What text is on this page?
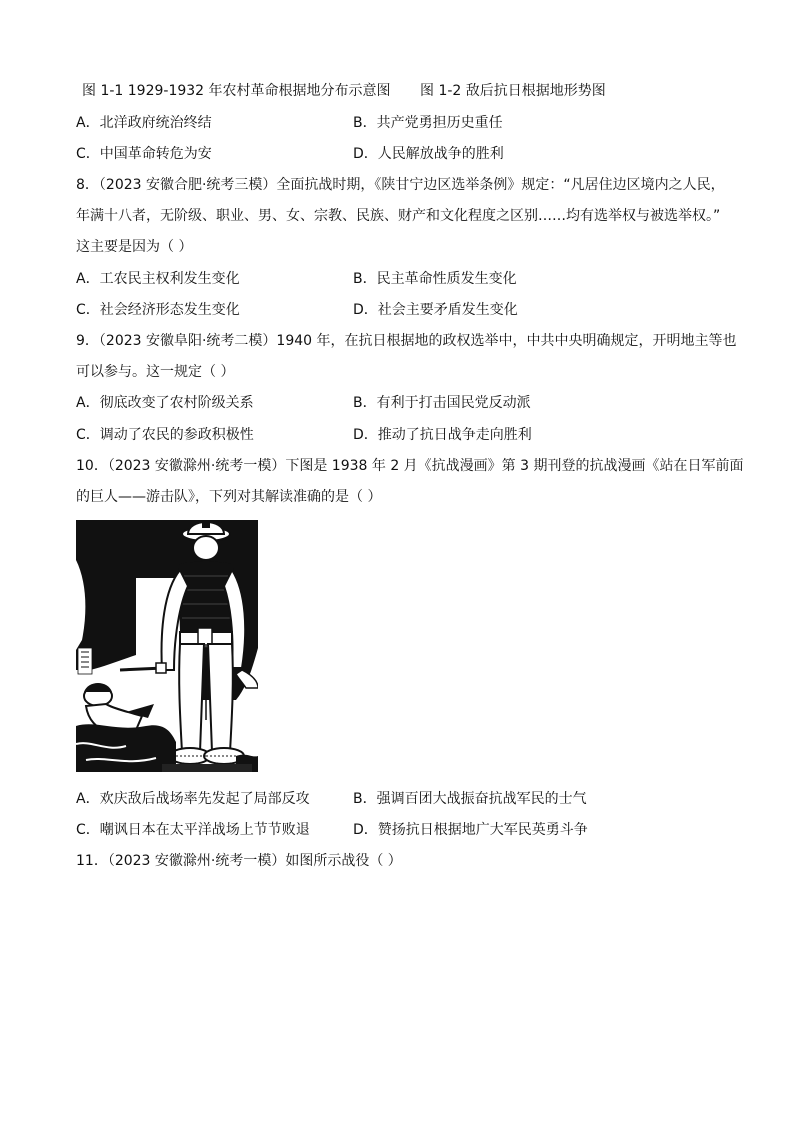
图 1-1 1929-1932 年农村革命根据地分布示意图 图 1-2 敌后抗日根据地形势图
A．北洋政府统治终结	B．共产党勇担历史重任
C．中国革命转危为安	D．人民解放战争的胜利
8．（2023 安徽合肥·统考三模）全面抗战时期，《陕甘宁边区选举条例》规定：“凡居住边区境内之人民，
年满十八者，无阶级、职业、男、女、宗教、民族、财产和文化程度之区别……均有选举权与被选举权。”
这主要是因为（ ）
A．工农民主权利发生变化	B．民主革命性质发生变化
C．社会经济形态发生变化	D．社会主要矛盾发生变化
9．（2023 安徽阜阳·统考二模）1940 年，在抗日根据地的政权选举中，中共中央明确规定，开明地主等也
可以参与。这一规定（ ）
A．彻底改变了农村阶级关系	B．有利于打击国民党反动派
C．调动了农民的参政积极性	D．推动了抗日战争走向胜利
10．（2023 安徽滁州·统考一模）下图是 1938 年 2 月《抗战漫画》第 3 期刊登的抗战漫画《站在日军前面
的巨人——游击队》，下列对其解读准确的是（ ）
A．欢庆敌后战场率先发起了局部反攻	B．强调百团大战振奋抗战军民的士气
C．嘲讽日本在太平洋战场上节节败退	D．赞扬抗日根据地广大军民英勇斗争
11．（2023 安徽滁州·统考一模）如图所示战役（ ）
